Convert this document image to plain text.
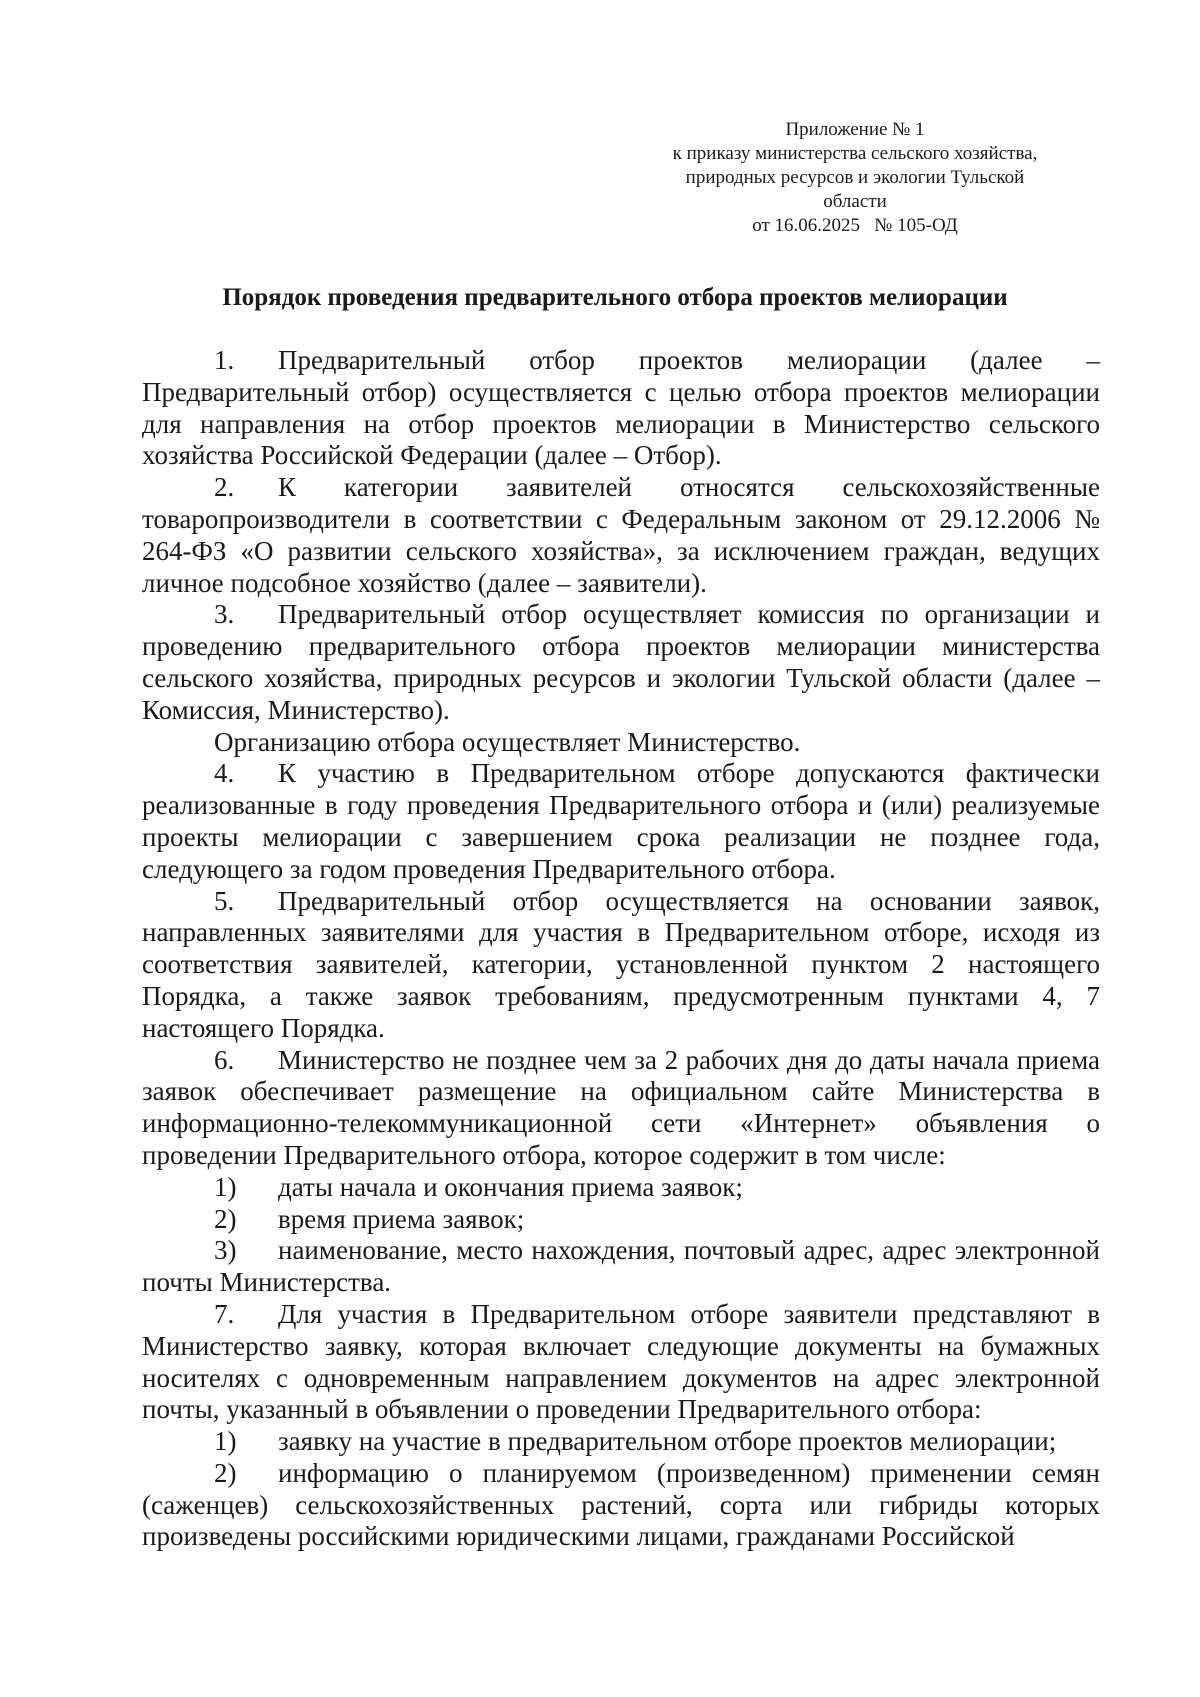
Приложение № 1
к приказу министерства сельского хозяйства,
природных ресурсов и экологии Тульской
области
от 16.06.2025   № 105-ОД
Порядок проведения предварительного отбора проектов мелиорации

1. Предварительный отбор проектов мелиорации (далее – Предварительный отбор) осуществляется с целью отбора проектов мелиорации для направления на отбор проектов мелиорации в Министерство сельского хозяйства Российской Федерации (далее – Отбор).

2. К категории заявителей относятся сельскохозяйственные товаропроизводители в соответствии с Федеральным законом от 29.12.2006 № 264-ФЗ «О развитии сельского хозяйства», за исключением граждан, ведущих личное подсобное хозяйство (далее – заявители).

3. Предварительный отбор осуществляет комиссия по организации и проведению предварительного отбора проектов мелиорации министерства сельского хозяйства, природных ресурсов и экологии Тульской области (далее – Комиссия, Министерство).

Организацию отбора осуществляет Министерство.

4. К участию в Предварительном отборе допускаются фактически реализованные в году проведения Предварительного отбора и (или) реализуемые проекты мелиорации с завершением срока реализации не позднее года, следующего за годом проведения Предварительного отбора.

5. Предварительный отбор осуществляется на основании заявок, направленных заявителями для участия в Предварительном отборе, исходя из соответствия заявителей, категории, установленной пунктом 2 настоящего Порядка, а также заявок требованиям, предусмотренным пунктами 4, 7 настоящего Порядка.

6. Министерство не позднее чем за 2 рабочих дня до даты начала приема заявок обеспечивает размещение на официальном сайте Министерства в информационно-телекоммуникационной сети «Интернет» объявления о проведении Предварительного отбора, которое содержит в том числе:

1) даты начала и окончания приема заявок;

2) время приема заявок;

3) наименование, место нахождения, почтовый адрес, адрес электронной почты Министерства.

7. Для участия в Предварительном отборе заявители представляют в Министерство заявку, которая включает следующие документы на бумажных носителях с одновременным направлением документов на адрес электронной почты, указанный в объявлении о проведении Предварительного отбора:

1) заявку на участие в предварительном отборе проектов мелиорации;

2) информацию о планируемом (произведенном) применении семян (саженцев) сельскохозяйственных растений, сорта или гибриды которых произведены российскими юридическими лицами, гражданами Российской
